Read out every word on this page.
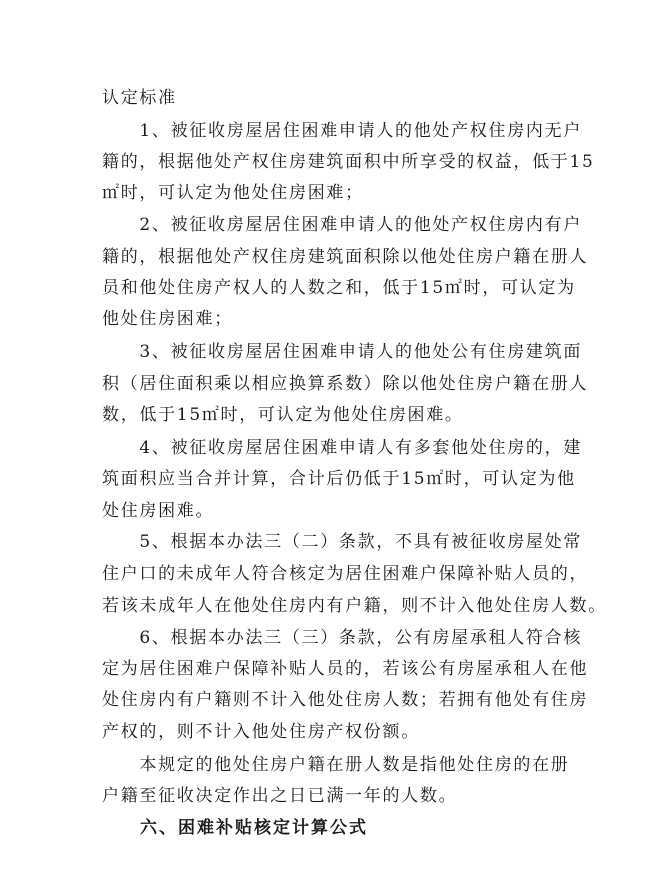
认定标准
　　1、被征收房屋居住困难申请人的他处产权住房内无户
籍的，根据他处产权住房建筑面积中所享受的权益，低于15
㎡时，可认定为他处住房困难；
　　2、被征收房屋居住困难申请人的他处产权住房内有户
籍的，根据他处产权住房建筑面积除以他处住房户籍在册人
员和他处住房产权人的人数之和，低于15㎡时，可认定为
他处住房困难；
　　3、被征收房屋居住困难申请人的他处公有住房建筑面
积（居住面积乘以相应换算系数）除以他处住房户籍在册人
数，低于15㎡时，可认定为他处住房困难。
　　4、被征收房屋居住困难申请人有多套他处住房的，建
筑面积应当合并计算，合计后仍低于15㎡时，可认定为他
处住房困难。
　　5、根据本办法三（二）条款，不具有被征收房屋处常
住户口的未成年人符合核定为居住困难户保障补贴人员的，
若该未成年人在他处住房内有户籍，则不计入他处住房人数。
　　6、根据本办法三（三）条款，公有房屋承租人符合核
定为居住困难户保障补贴人员的，若该公有房屋承租人在他
处住房内有户籍则不计入他处住房人数；若拥有他处有住房
产权的，则不计入他处住房产权份额。
　　本规定的他处住房户籍在册人数是指他处住房的在册
户籍至征收决定作出之日已满一年的人数。
　　六、困难补贴核定计算公式
